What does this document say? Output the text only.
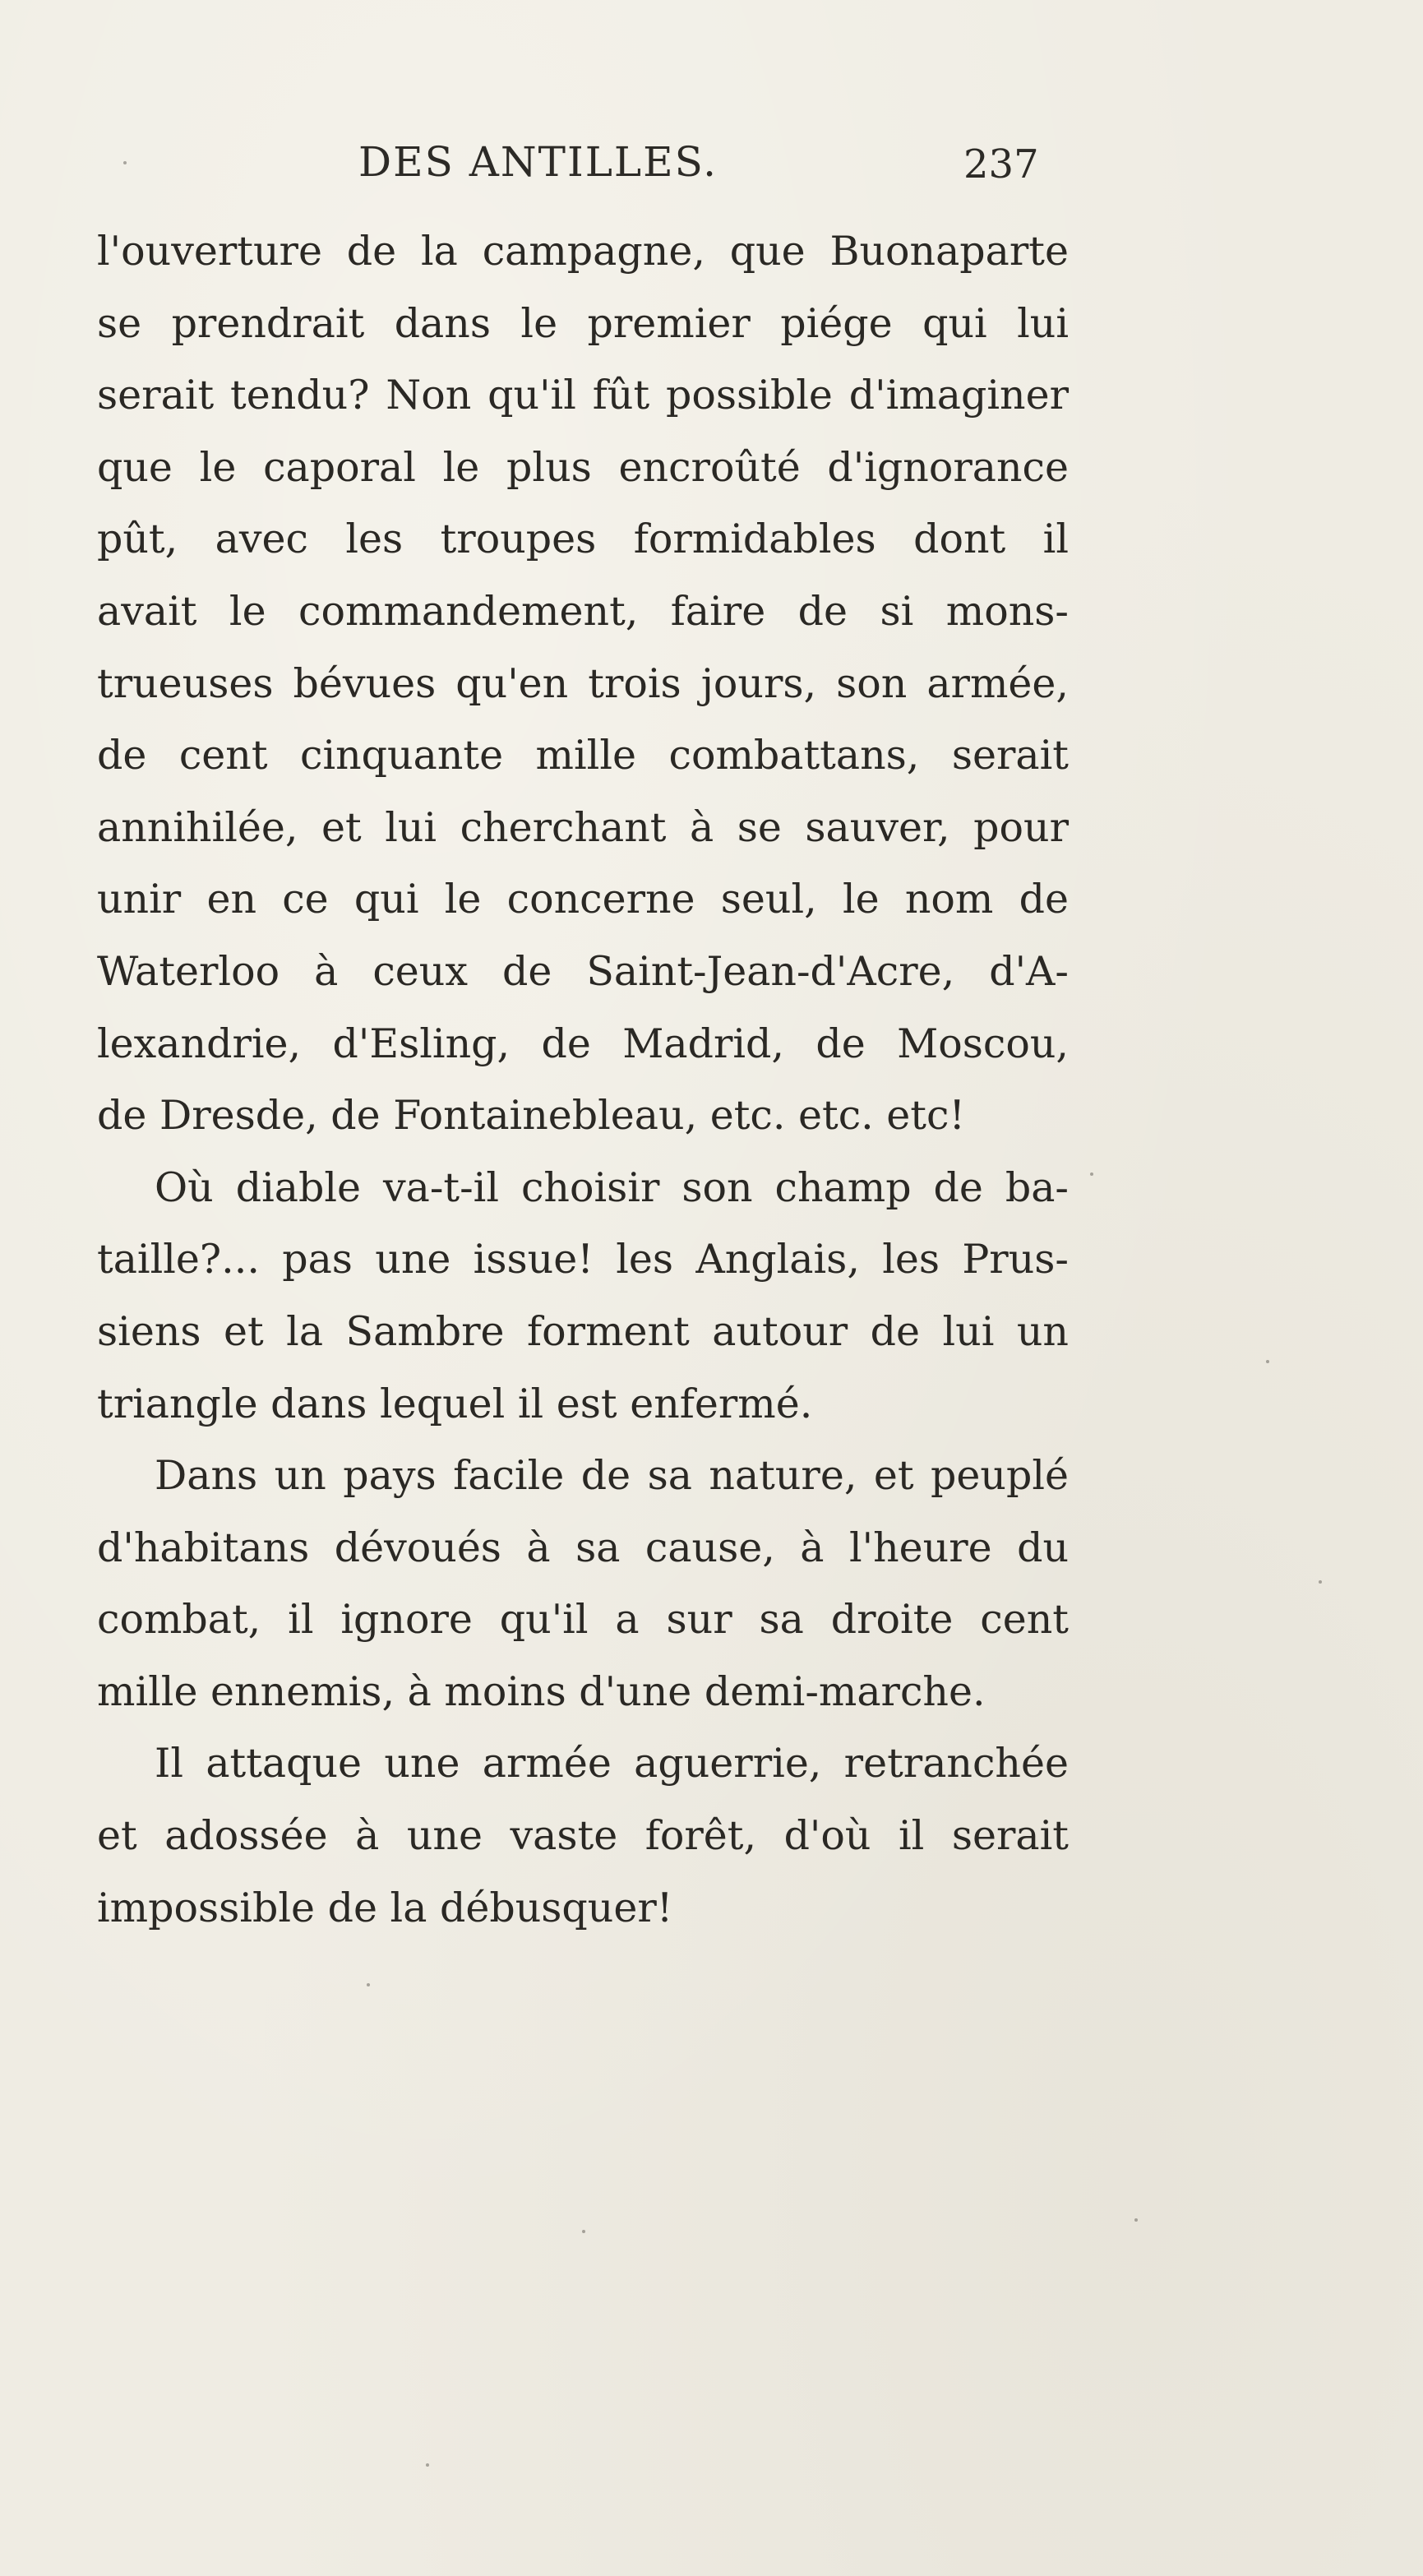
DES ANTILLES.	237
l'ouverture de la campagne, que Buonaparte
se prendrait dans le premier piége qui lui
serait tendu? Non qu'il fût possible d'imaginer
que le caporal le plus encroûté d'ignorance
pût, avec les troupes formidables dont il
avait le commandement, faire de si mons-
trueuses bévues qu'en trois jours, son armée,
de cent cinquante mille combattans, serait
annihilée, et lui cherchant à se sauver, pour
unir en ce qui le concerne seul, le nom de
Waterloo à ceux de Saint-Jean-d'Acre, d'A-
lexandrie, d'Esling, de Madrid, de Moscou,
de Dresde, de Fontainebleau, etc. etc. etc!
Où diable va-t-il choisir son champ de ba-
taille?... pas une issue! les Anglais, les Prus-
siens et la Sambre forment autour de lui un
triangle dans lequel il est enfermé.
Dans un pays facile de sa nature, et peuplé
d'habitans dévoués à sa cause, à l'heure du
combat, il ignore qu'il a sur sa droite cent
mille ennemis, à moins d'une demi-marche.
Il attaque une armée aguerrie, retranchée
et adossée à une vaste forêt, d'où il serait
impossible de la débusquer!
